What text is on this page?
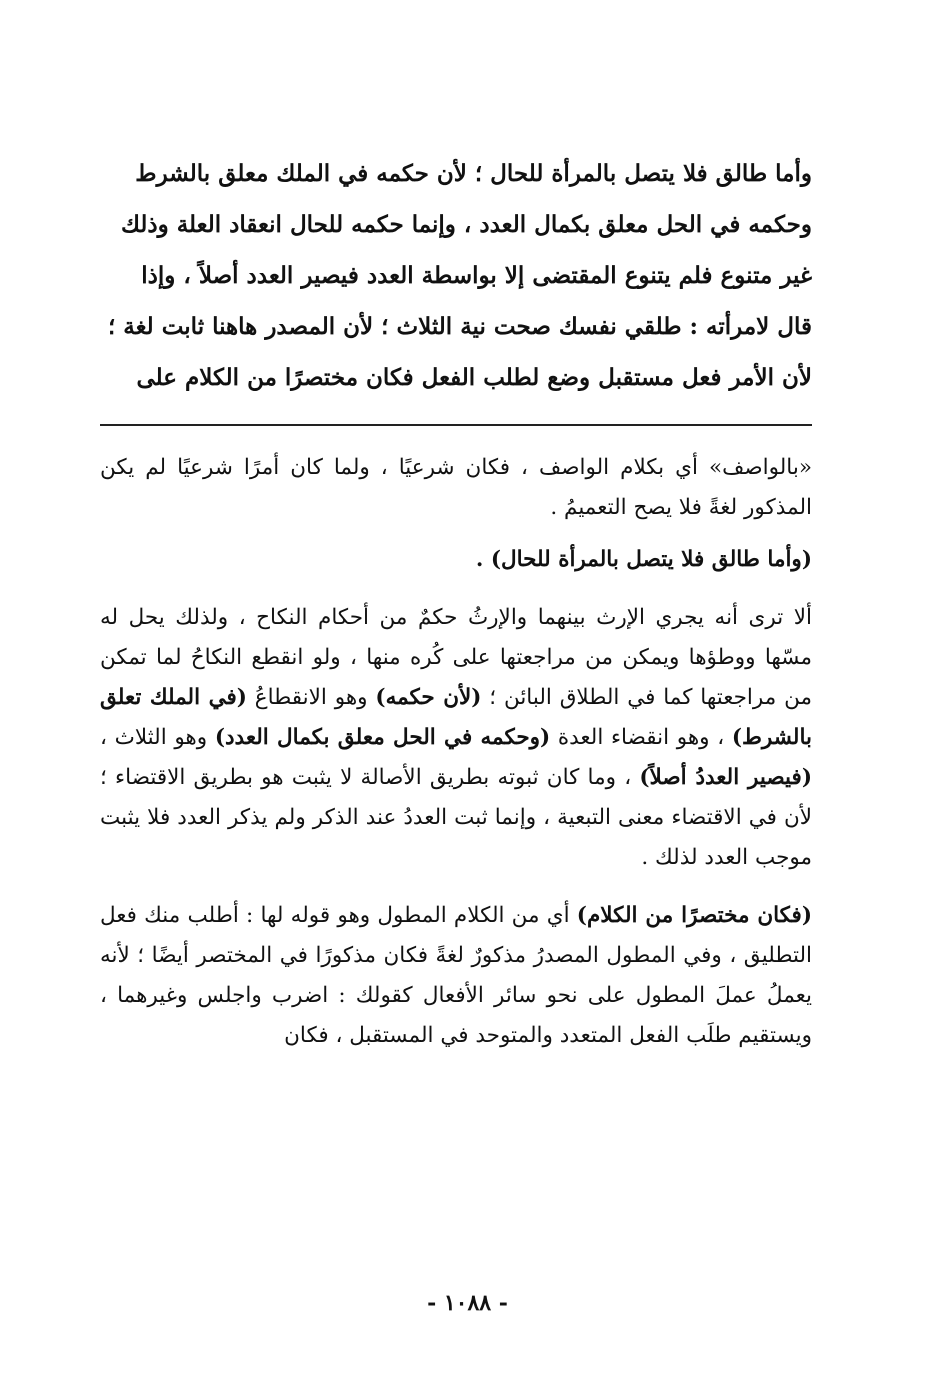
وأما طالق فلا يتصل بالمرأة للحال ؛ لأن حكمه في الملك معلق بالشرط

وحكمه في الحل معلق بكمال العدد ، وإنما حكمه للحال انعقاد العلة وذلك

غير متنوع فلم يتنوع المقتضى إلا بواسطة العدد فيصير العدد أصلاً ، وإذا

قال لامرأته : طلقي نفسك صحت نية الثلاث ؛ لأن المصدر هاهنا ثابت لغة ؛

لأن الأمر فعل مستقبل وضع لطلب الفعل فكان مختصرًا من الكلام على

«بالواصف» أي بكلام الواصف ، فكان شرعيًا ، ولما كان أمرًا شرعيًا لم يكن المذكور لغةً فلا يصح التعميمُ .

(وأما طالق فلا يتصل بالمرأة للحال) .

ألا ترى أنه يجري الإرث بينهما والإرثُ حكمٌ من أحكام النكاح ، ولذلك يحل له مسّها ووطؤها ويمكن من مراجعتها على كُره منها ، ولو انقطع النكاحُ لما تمكن من مراجعتها كما في الطلاق البائن ؛ (لأن حكمه) وهو الانقطاعُ (في الملك تعلق بالشرط) ، وهو انقضاء العدة (وحكمه في الحل معلق بكمال العدد) وهو الثلاث ، (فيصير العددُ أصلاً) ، وما كان ثبوته بطريق الأصالة لا يثبت هو بطريق الاقتضاء ؛ لأن في الاقتضاء معنى التبعية ، وإنما ثبت العددُ عند الذكر ولم يذكر العدد فلا يثبت موجب العدد لذلك .

(فكان مختصرًا من الكلام) أي من الكلام المطول وهو قوله لها : أطلب منك فعل التطليق ، وفي المطول المصدرُ مذكورٌ لغةً فكان مذكورًا في المختصر أيضًا ؛ لأنه يعملُ عملَ المطول على نحو سائر الأفعال كقولك : اضرب واجلس وغيرهما ، ويستقيم طلَب الفعل المتعدد والمتوحد في المستقبل ، فكان

- ١٠٨٨ -
